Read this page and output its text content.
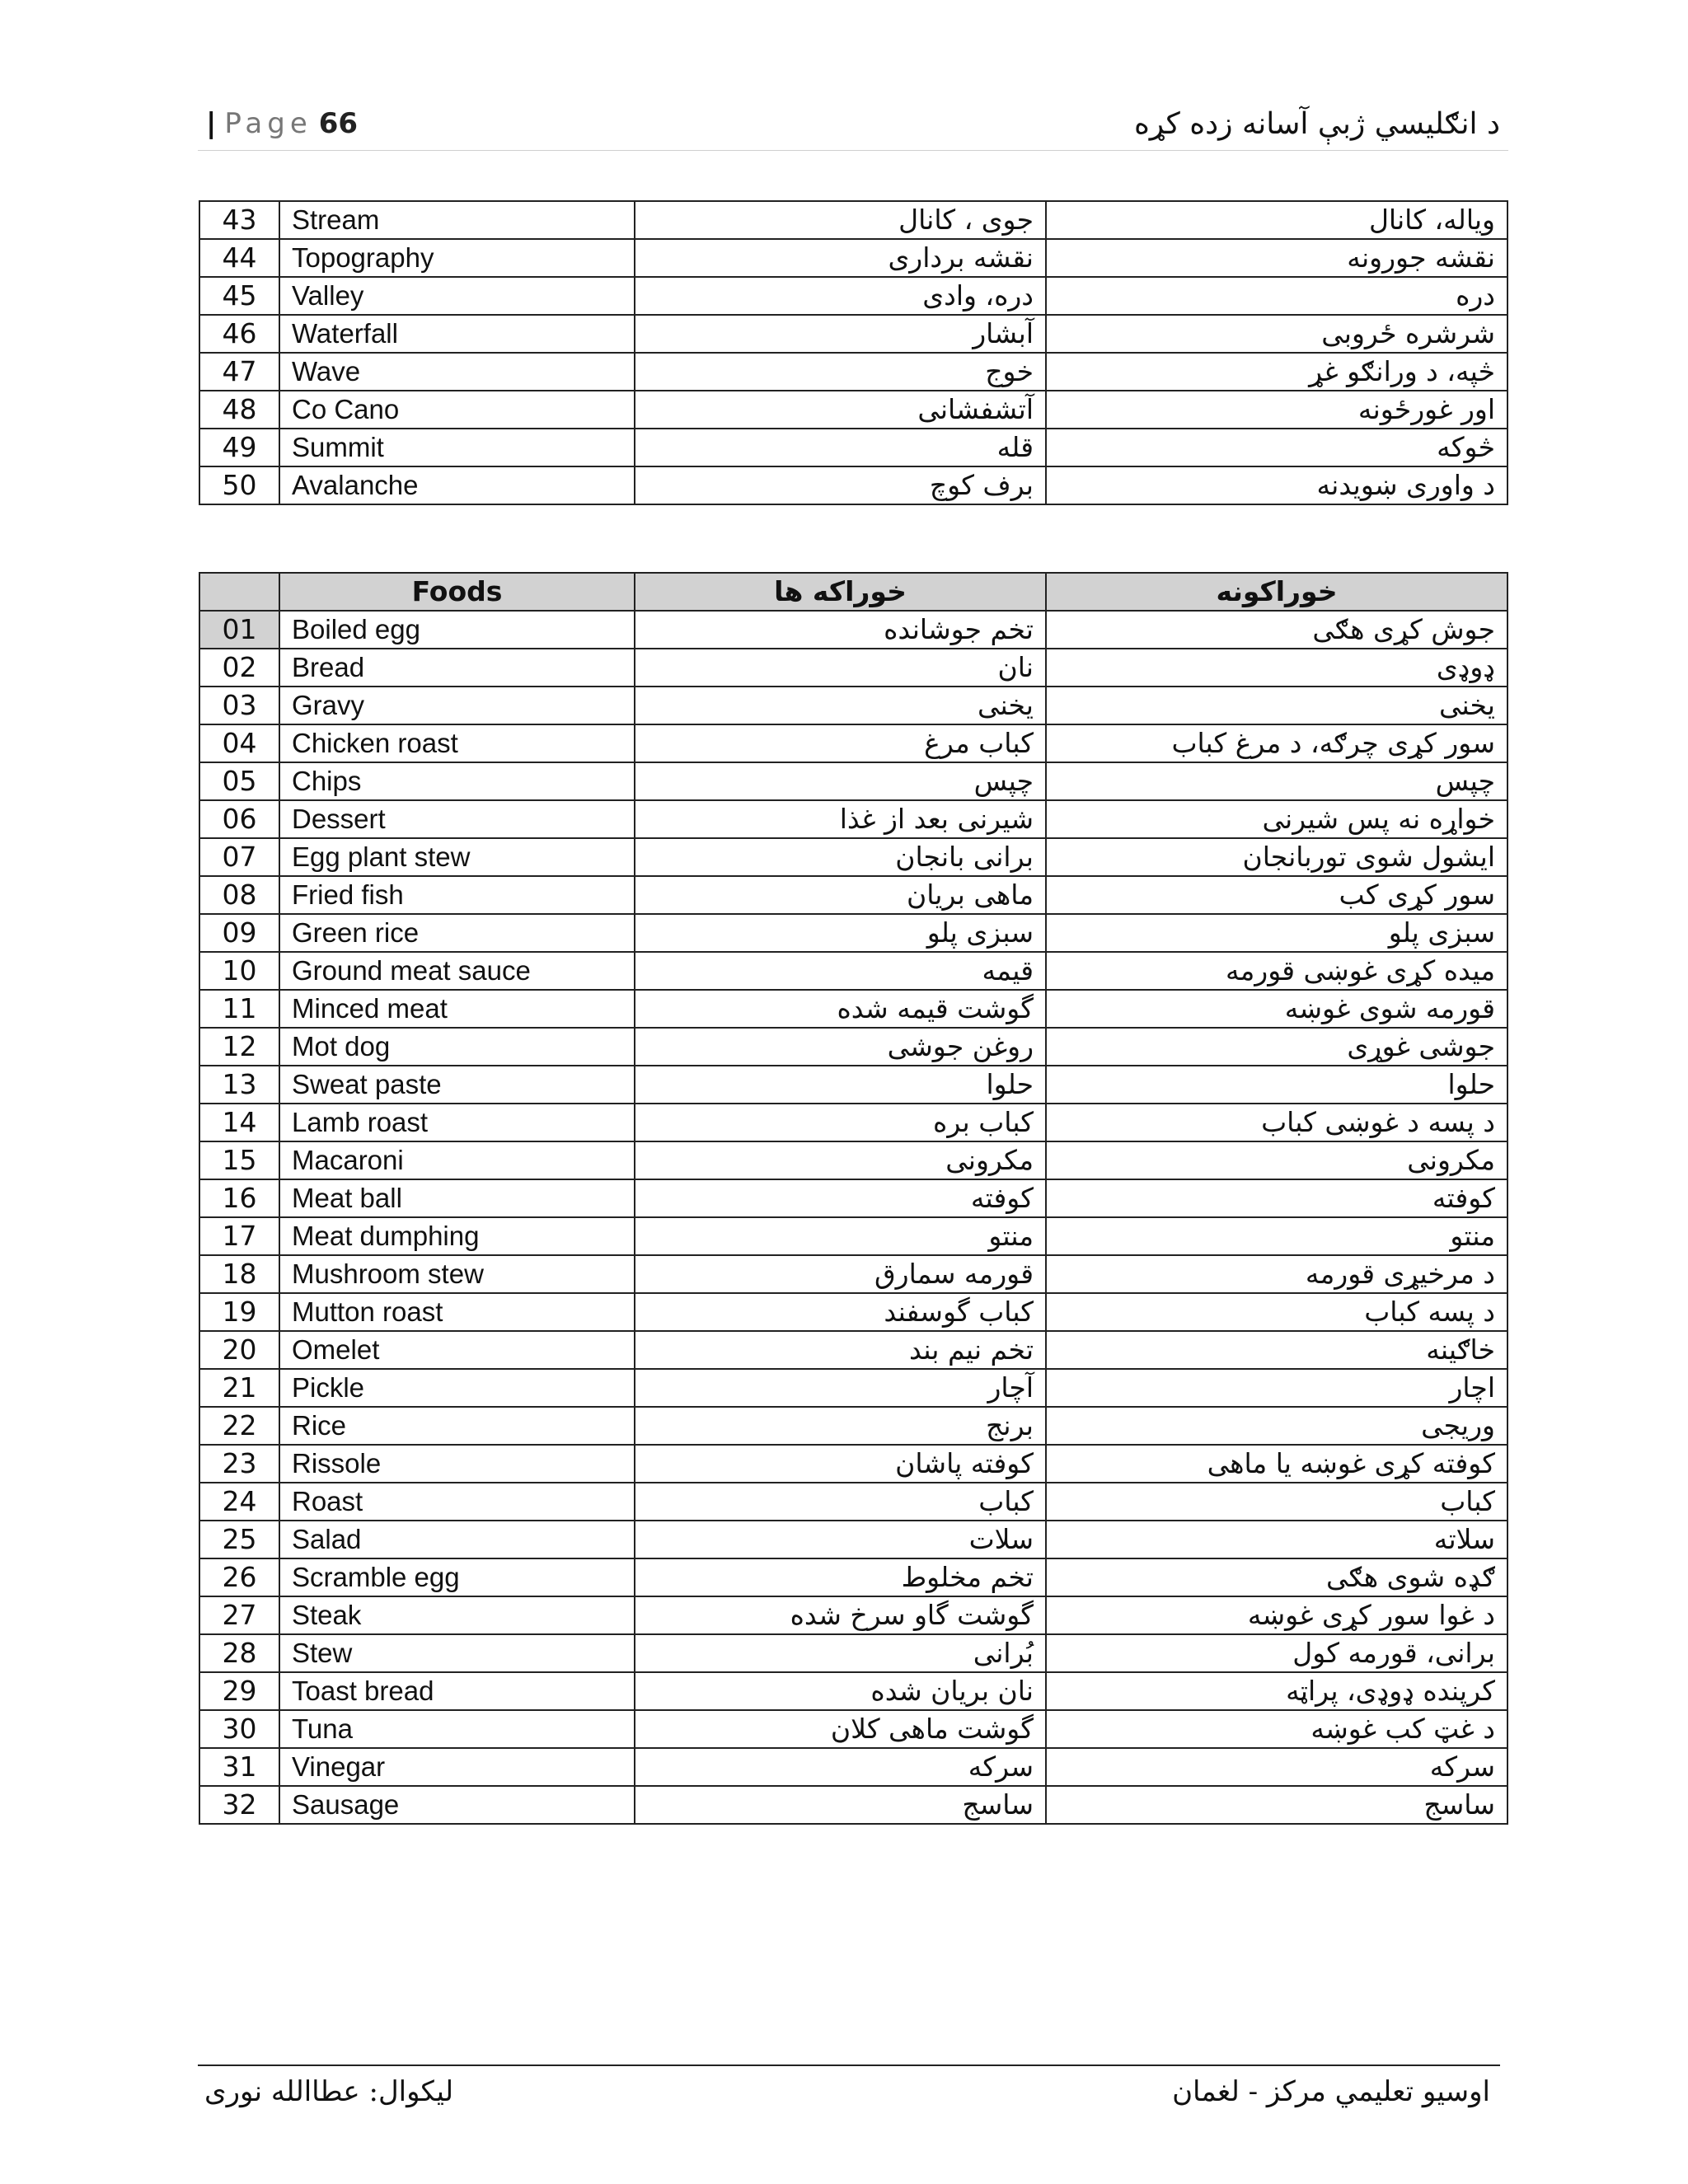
| Page 66	د انګلیسي ژبې آسانه زده کړه
43	Stream	جوی ، کانال	ویاله، کانال
44	Topography	نقشه برداری	نقشه جورونه
45	Valley	دره، وادی	دره
46	Waterfall	آبشار	شرشره ځروبی
47	Wave	خوج	څپه، د ورانګو غړ
48	Co Cano	آتشفشانی	اور غورځونه
49	Summit	قله	څوکه
50	Avalanche	برف کوچ	د واوری ښویدنه
	Foods	خوراکه ها	خوراکونه
01	Boiled egg	تخم جوشانده	جوش کړی هګی
02	Bread	نان	ډوډی
03	Gravy	یخنی	یخنی
04	Chicken roast	کباب مرغ	سور کړی چرګه، د مرغ کباب
05	Chips	چپس	چپس
06	Dessert	شیرنی بعد از غذا	خواړه نه پس شیرنی
07	Egg plant stew	برانی بانجان	ایشول شوی توربانجان
08	Fried fish	ماهی بریان	سور کړی کب
09	Green rice	سبزی پلو	سبزی پلو
10	Ground meat sauce	قیمه	میده کړی غوښی قورمه
11	Minced meat	گوشت قیمه شده	قورمه شوی غوښه
12	Mot dog	روغن جوشی	جوشی غوړی
13	Sweat paste	حلوا	حلوا
14	Lamb roast	کباب بره	د پسه د غوښی کباب
15	Macaroni	مکرونی	مکرونی
16	Meat ball	کوفته	کوفته
17	Meat dumphing	منتو	منتو
18	Mushroom stew	قورمه سمارق	د مرخیړی قورمه
19	Mutton roast	کباب گوسفند	د پسه کباب
20	Omelet	تخم نیم بند	خاګینه
21	Pickle	آچار	اچار
22	Rice	برنج	وریجی
23	Rissole	کوفته پاشان	کوفته کړی غوښه یا ماهی
24	Roast	کباب	کباب
25	Salad	سلات	سلاته
26	Scramble egg	تخم مخلوط	ګډه شوی هګی
27	Steak	گوشت گاو سرخ شده	د غوا سور کړی غوښه
28	Stew	بُرانی	برانی، قورمه کول
29	Toast bread	نان بریان شده	کرپنده ډوډی، پراټه
30	Tuna	گوشت ماهی کلان	د غټ کب غوښه
31	Vinegar	سرکه	سرکه
32	Sausage	ساسج	ساسج
لیکوال: عطاالله نوری	اوسیو تعلیمي مرکز - لغمان
